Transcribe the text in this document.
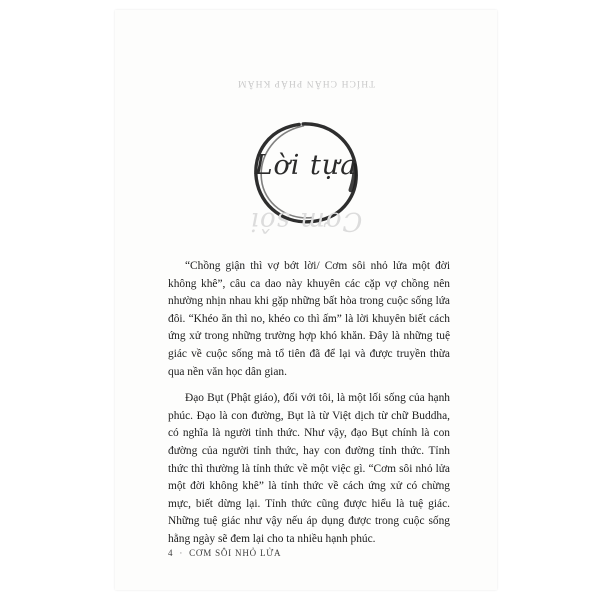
THÍCH CHÂN PHÁP KHÂM
Cơm sôi
Lời tựa

“Chồng giận thì vợ bớt lời/ Cơm sôi nhỏ lửa một đời không khê”, câu ca dao này khuyên các cặp vợ chồng nên nhường nhịn nhau khi gặp những bất hòa trong cuộc sống lứa đôi. “Khéo ăn thì no, khéo co thì ấm” là lời khuyên biết cách ứng xử trong những trường hợp khó khăn. Đây là những tuệ giác về cuộc sống mà tổ tiên đã để lại và được truyền thừa qua nền văn học dân gian.

Đạo Bụt (Phật giáo), đối với tôi, là một lối sống của hạnh phúc. Đạo là con đường, Bụt là từ Việt dịch từ chữ Buddha, có nghĩa là người tỉnh thức. Như vậy, đạo Bụt chính là con đường của người tỉnh thức, hay con đường tỉnh thức. Tỉnh thức thì thường là tỉnh thức về một việc gì. “Cơm sôi nhỏ lửa một đời không khê” là tỉnh thức về cách ứng xử có chừng mực, biết dừng lại. Tỉnh thức cũng được hiểu là tuệ giác. Những tuệ giác như vậy nếu áp dụng được trong cuộc sống hằng ngày sẽ đem lại cho ta nhiều hạnh phúc.

4 · CƠM SÔI NHỎ LỬA
